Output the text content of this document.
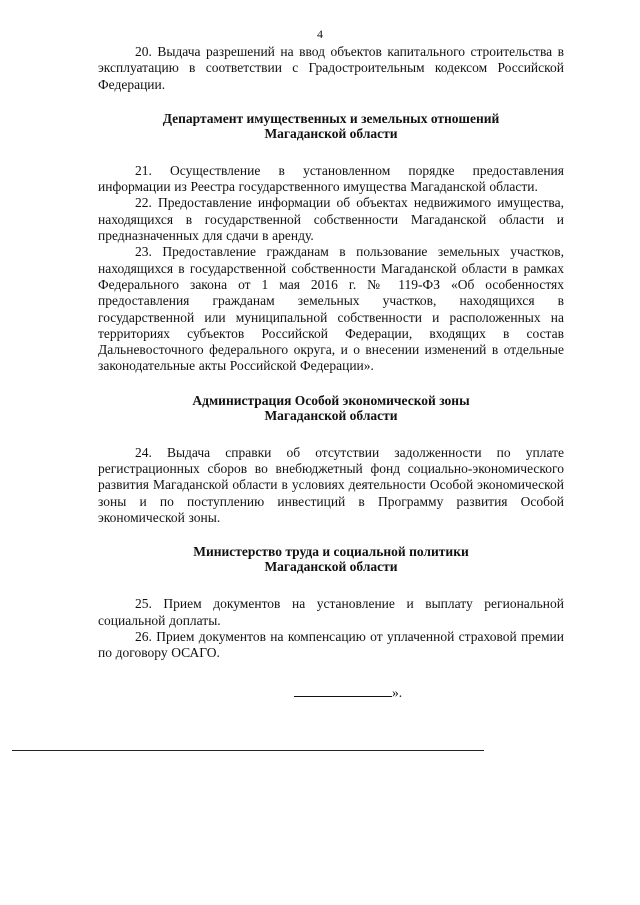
4

20. Выдача разрешений на ввод объектов капитального строительства в эксплуатацию в соответствии с Градостроительным кодексом Российской Федерации.

Департамент имущественных и земельных отношений
Магаданской области

21. Осуществление в установленном порядке предоставления информации из Реестра государственного имущества Магаданской области.

22. Предоставление информации об объектах недвижимого имущества, находящихся в государственной собственности Магаданской области и предназначенных для сдачи в аренду.

23. Предоставление гражданам в пользование земельных участков, находящихся в государственной собственности Магаданской области в рамках Федерального закона от 1 мая 2016 г. № 119-ФЗ «Об особенностях предоставления гражданам земельных участков, находящихся в государственной или муниципальной собственности и расположенных на территориях субъектов Российской Федерации, входящих в состав Дальневосточного федерального округа, и о внесении изменений в отдельные законодательные акты Российской Федерации».

Администрация Особой экономической зоны
Магаданской области

24. Выдача справки об отсутствии задолженности по уплате регистрационных сборов во внебюджетный фонд социально-экономического развития Магаданской области в условиях деятельности Особой экономической зоны и по поступлению инвестиций в Программу развития Особой экономической зоны.

Министерство труда и социальной политики
Магаданской области

25. Прием документов на установление и выплату региональной социальной доплаты.

26. Прием документов на компенсацию от уплаченной страховой премии по договору ОСАГО.

».
